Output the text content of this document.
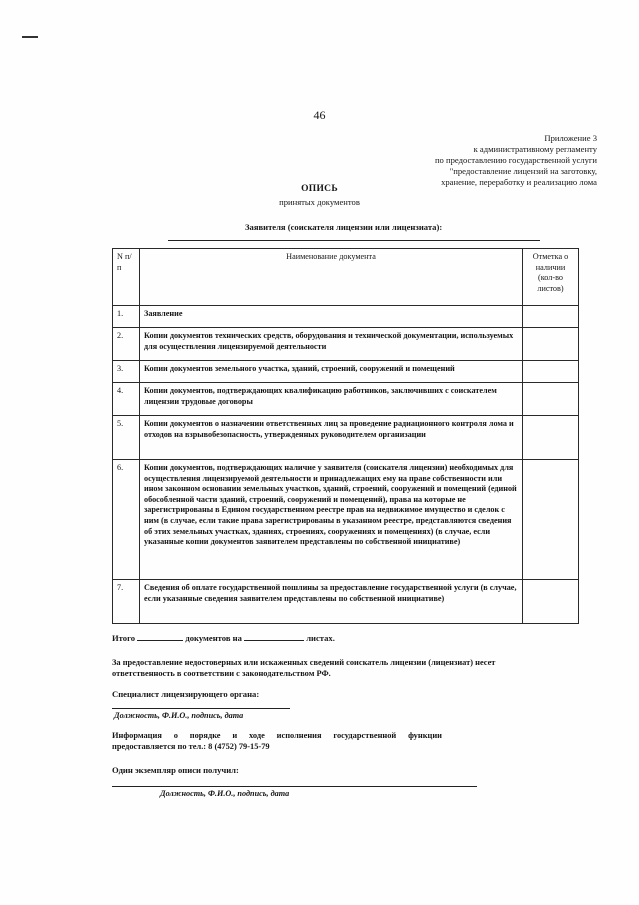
46
Приложение 3
к административному регламенту
по предоставлению государственной услуги
"предоставление лицензий на заготовку,
хранение, переработку и реализацию лома
ОПИСЬ
принятых документов
Заявителя (соискателя лицензии или лицензиата):
N п/п	Наименование документа	Отметка о наличии (кол-во листов)
1.	Заявление	
2.	Копии документов технических средств, оборудования и технической документации, используемых для осуществления лицензируемой деятельности	
3.	Копии документов земельного участка, зданий, строений, сооружений и помещений	
4.	Копии документов, подтверждающих квалификацию работников, заключивших с соискателем лицензии трудовые договоры	
5.	Копии документов о назначении ответственных лиц за проведение радиационного контроля лома и отходов на взрывобезопасность, утвержденных руководителем организации	
6.	Копии документов, подтверждающих наличие у заявителя (соискателя лицензии) необходимых для осуществления лицензируемой деятельности и принадлежащих ему на праве собственности или ином законном основании земельных участков, зданий, строений, сооружений и помещений (единой обособленной части зданий, строений, сооружений и помещений), права на которые не зарегистрированы в Едином государственном реестре прав на недвижимое имущество и сделок с ним (в случае, если такие права зарегистрированы в указанном реестре, представляются сведения об этих земельных участках, зданиях, строениях, сооружениях и помещениях) (в случае, если указанные копии документов заявителем представлены по собственной инициативе)	
7.	Сведения об оплате государственной пошлины за предоставление государственной услуги (в случае, если указанные сведения заявителем представлены по собственной инициативе)	
Итого	документов на	листах.
За предоставление недостоверных или искаженных сведений соискатель лицензии (лицензиат) несет ответственность в соответствии с законодательством РФ.
Специалист лицензирующего органа:
Должность, Ф.И.О., подпись, дата
Информация о порядке и ходе исполнения государственной функции
предоставляется по тел.: 8 (4752) 79-15-79
Один экземпляр описи получил:
Должность, Ф.И.О., подпись, дата
